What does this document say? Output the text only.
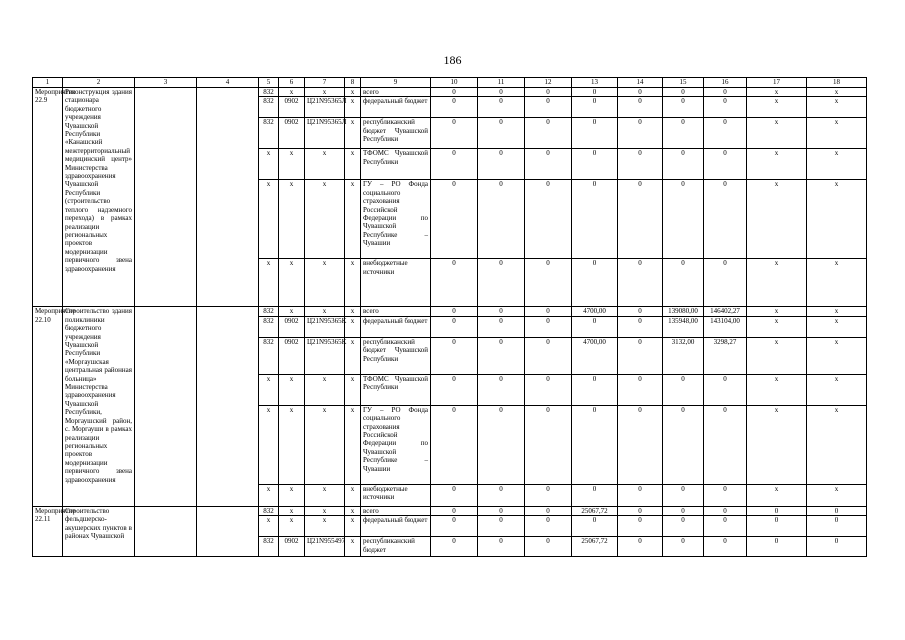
186
1	2	3	4	5	6	7	8	9	10	11	12	13	14	15	16	17	18
Мероприятие 22.9	Реконструкция здания стационара бюджетного учреждения Чувашской Республики «Канашский межтерриториальный медицинский центр» Министерства здравоохранения Чувашской Республики (строительство теплого надземного перехода) в рамках реализации региональных проектов модернизации первичного звена здравоохранения			832	х	х	х	всего	0	0	0	0	0	0	0	х	х
				832	0902	Ц21N95365Л	х	федеральный бюджет	0	0	0	0	0	0	0	х	х
				832	0902	Ц21N95365Л	х	республиканский бюджет Чувашской Республики	0	0	0	0	0	0	0	х	х
				х	х	х	х	ТФОМС Чувашской Республики	0	0	0	0	0	0	0	х	х
				х	х	х	х	ГУ – РО Фонда социального страхования Российской Федерации по Чувашской Республике – Чувашии	0	0	0	0	0	0	0	х	х
				х	х	х	х	внебюджетные источники	0	0	0	0	0	0	0	х	х
Мероприятие 22.10	Строительство здания поликлиники бюджетного учреждения Чувашской Республики «Моргаушская центральная районная больница» Министерства здравоохранения Чувашской Республики, Моргаушский район, с. Моргауши в рамках реализации региональных проектов модернизации первичного звена здравоохранения			832	х	х	х	всего	0	0	0	4700,00	0	139080,00	146402,27	х	х
				832	0902	Ц21N95365К	х	федеральный бюджет	0	0	0	0	0	135948,00	143104,00	х	х
				832	0902	Ц21N95365К	х	республиканский бюджет Чувашской Республики	0	0	0	4700,00	0	3132,00	3298,27	х	х
				х	х	х	х	ТФОМС Чувашской Республики	0	0	0	0	0	0	0	х	х
				х	х	х	х	ГУ – РО Фонда социального страхования Российской Федерации по Чувашской Республике – Чувашии	0	0	0	0	0	0	0	х	х
				х	х	х	х	внебюджетные источники	0	0	0	0	0	0	0	х	х
Мероприятие 22.11	Строительство фельдшерско-акушерских пунктов в районах Чувашской			832	х	х	х	всего	0	0	0	25067,72	0	0	0	0	0
				х	х	х	х	федеральный бюджет	0	0	0	0	0	0	0	0	0
				832	0902	Ц21N955497	х	республиканский бюджет	0	0	0	25067,72	0	0	0	0	0
